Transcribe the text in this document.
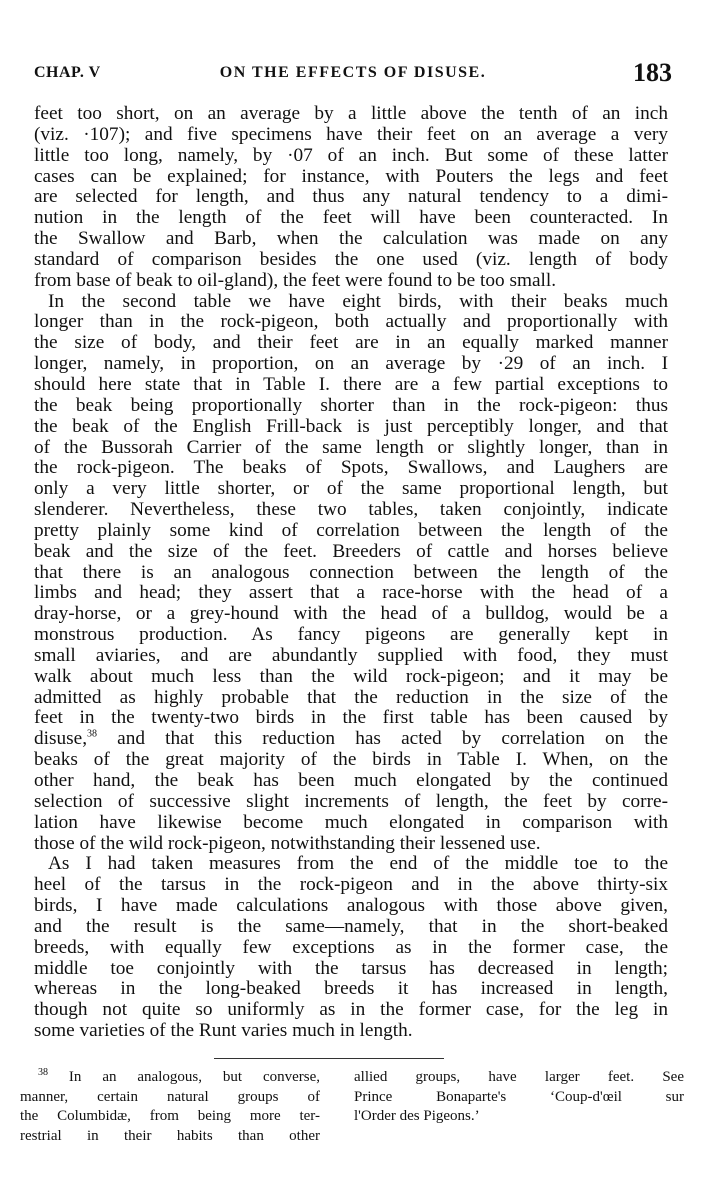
CHAP. V	ON THE EFFECTS OF DISUSE.	183
feet too short, on an average by a little above the tenth of an inch
(viz. ·107); and five specimens have their feet on an average a very
little too long, namely, by ·07 of an inch. But some of these latter
cases can be explained; for instance, with Pouters the legs and feet
are selected for length, and thus any natural tendency to a dimi-
nution in the length of the feet will have been counteracted. In
the Swallow and Barb, when the calculation was made on any
standard of comparison besides the one used (viz. length of body
from base of beak to oil-gland), the feet were found to be too small.
In the second table we have eight birds, with their beaks much
longer than in the rock-pigeon, both actually and proportionally with
the size of body, and their feet are in an equally marked manner
longer, namely, in proportion, on an average by ·29 of an inch. I
should here state that in Table I. there are a few partial exceptions to
the beak being proportionally shorter than in the rock-pigeon: thus
the beak of the English Frill-back is just perceptibly longer, and that
of the Bussorah Carrier of the same length or slightly longer, than in
the rock-pigeon. The beaks of Spots, Swallows, and Laughers are
only a very little shorter, or of the same proportional length, but
slenderer. Nevertheless, these two tables, taken conjointly, indicate
pretty plainly some kind of correlation between the length of the
beak and the size of the feet. Breeders of cattle and horses believe
that there is an analogous connection between the length of the
limbs and head; they assert that a race-horse with the head of a
dray-horse, or a grey-hound with the head of a bulldog, would be a
monstrous production. As fancy pigeons are generally kept in
small aviaries, and are abundantly supplied with food, they must
walk about much less than the wild rock-pigeon; and it may be
admitted as highly probable that the reduction in the size of the
feet in the twenty-two birds in the first table has been caused by
disuse,$^{38}$ and that this reduction has acted by correlation on the
beaks of the great majority of the birds in Table I. When, on the
other hand, the beak has been much elongated by the continued
selection of successive slight increments of length, the feet by corre-
lation have likewise become much elongated in comparison with
those of the wild rock-pigeon, notwithstanding their lessened use.
As I had taken measures from the end of the middle toe to the
heel of the tarsus in the rock-pigeon and in the above thirty-six
birds, I have made calculations analogous with those above given,
and the result is the same—namely, that in the short-beaked
breeds, with equally few exceptions as in the former case, the
middle toe conjointly with the tarsus has decreased in length;
whereas in the long-beaked breeds it has increased in length,
though not quite so uniformly as in the former case, for the leg in
some varieties of the Runt varies much in length.
$^{38}$ In an analogous, but converse,
manner, certain natural groups of
the Columbidæ, from being more ter-
restrial in their habits than other
allied groups, have larger feet. See
Prince Bonaparte's ‘Coup-d'œil sur
l'Order des Pigeons.’
